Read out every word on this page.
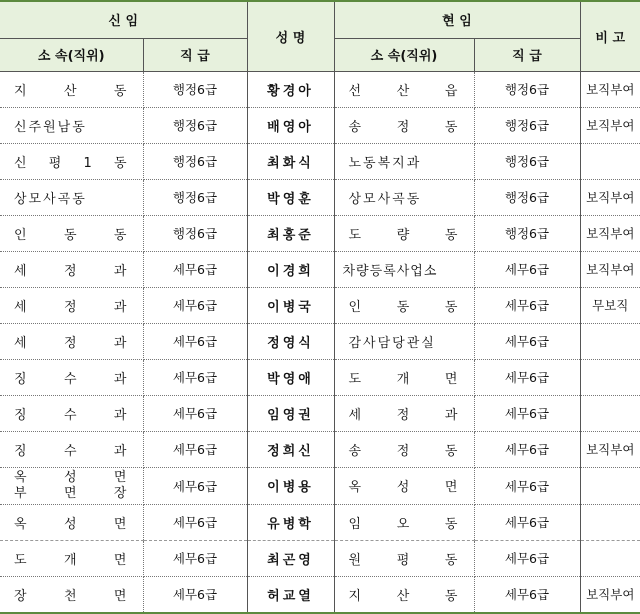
신 임		성 명	현 임		비 고
소 속(직위)	직 급		소 속(직위)	직 급	

지 산 동	행정6급	황경아	선 산 읍	행정6급	보직부여

신주원남동	행정6급	배영아	송 정 동	행정6급	보직부여

신 평 1 동	행정6급	최화식	노동복지과	행정6급	

상모사곡동	행정6급	박영훈	상모사곡동	행정6급	보직부여

인 동 동	행정6급	최홍준	도 량 동	행정6급	보직부여

세 정 과	세무6급	이경희	차량등록사업소	세무6급	보직부여

세 정 과	세무6급	이병국	인 동 동	세무6급	무보직

세 정 과	세무6급	정영식	감사담당관실	세무6급	

징 수 과	세무6급	박영애	도 개 면	세무6급	

징 수 과	세무6급	임영권	세 정 과	세무6급	

징 수 과	세무6급	정희신	송 정 동	세무6급	보직부여

옥 성 면
부 면 장	세무6급	이병용	옥 성 면	세무6급	

옥 성 면	세무6급	유병학	임 오 동	세무6급	

도 개 면	세무6급	최곤영	원 평 동	세무6급	

장 천 면	세무6급	허교열	지 산 동	세무6급	보직부여
